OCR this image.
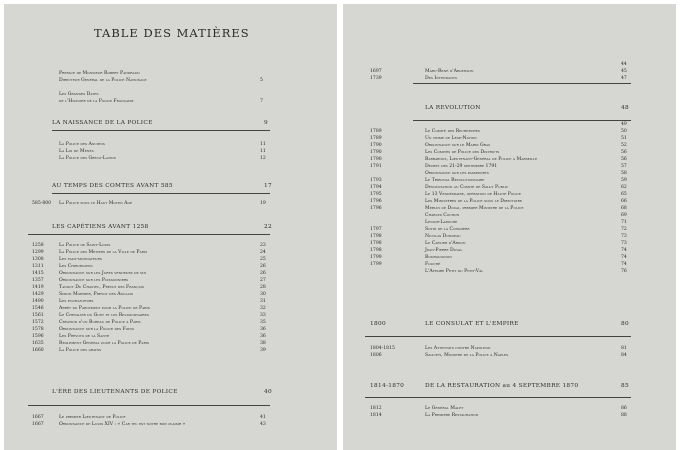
TABLE DES MATIÈRES
Préface de Monsieur Robert Pandraud
Directeur Général de la Police Nationale	5
Les Grandes Dates
de l'Histoire de la Police Française	7
LA NAISSANCE DE LA POLICE	9
La Police des Anciens	11
La Loi de Ménès	11
La Police des Gréco-Latins	12
AU TEMPS DES COMTES AVANT 585	17
585-800 La Police sous le Haut Moyen Age	19
LES CAPÉTIENS AVANT 1258	22
1258	La Police de Saint-Louis	23
1299	La Police des Métiers de la Ville de Paris	24
1308	Les faux-monnayeurs	25
1311	Les Chirurgiens	26
1415	Ordonnance sur les Jurés vendeurs de vin	26
1357	Ordonnance sur les Poissonniers	27
1419	Tanguy Du Chastel, Prévot des Français	28
1429	Simon Morhier, Prévot des Anglais	30
1490	Les enchanteurs	31
1546	Arrêt du Parlement pour la Police de Paris	32
1561	Le Chevalier du Guet et les Religionnaires	33
1572	Création d'un Bureau de Police à Paris	35
1578	Ordonnance sur la Police des Foins	36
1596	Les Prévots de la Santé	36
1635	Règlement Général pour la Police de Paris	38
1660	La Police des grains	39
L'ÈRE DES LIEUTENANTS DE POLICE	40
1667	Le premier Lieutenant de Police	41
1667	Ordonnance de Louis XIV : « Car tel est notre bon plaisir »	43
44
1697	Marc-René d'Argenson	45
1739	Des Intendants	47
LA REVOLUTION	48
49
1789	Le Comité des Recherches	50
1789	Un crime de Lèse-Nation	51
1790	Ordonnance sur le Mardi Gras	52
1790	Les Comités de Police des Districts	56
1790	Barbaroux, Lieutenant-Général de Police à Marseille	56
1791	Décret des 21-29 septembre 1791	57
Ordonnance sur les passeports	58
1793	Le Tribunal Révolutionnaire	59
1794	Dénonciation au Comité de Salut Public	62
1795	Le 13 Vendémiaire, opération de Haute Police	65
1796	Les Ministères de la Police sous le Directoire	66
1796	Merlin de Douai, premier Ministre de la Police	68
Charles Cochon	69
Lenoir-Laroche	71
1797	Sotin de la Coindière	72
1798	Nicolas Dondeau	73
1798	Le Carlier d'Ardon	73
1798	Jean-Pierre Duval	74
1799	Bourguignon	74
1799	Fouché	74
L'Affaire Petit du Petit-Val	76
1800	LE CONSULAT ET L'EMPIRE	80
1804-1815	Les Attentats contre Napoléon	81
1806	Salicéti, Ministre de la Police à Naples	84
1814-1870	DE LA RESTAURATION au 4 SEPTEMBRE 1870	85
1812	Le Général Malet	86
1814	La Première Restauration	88
